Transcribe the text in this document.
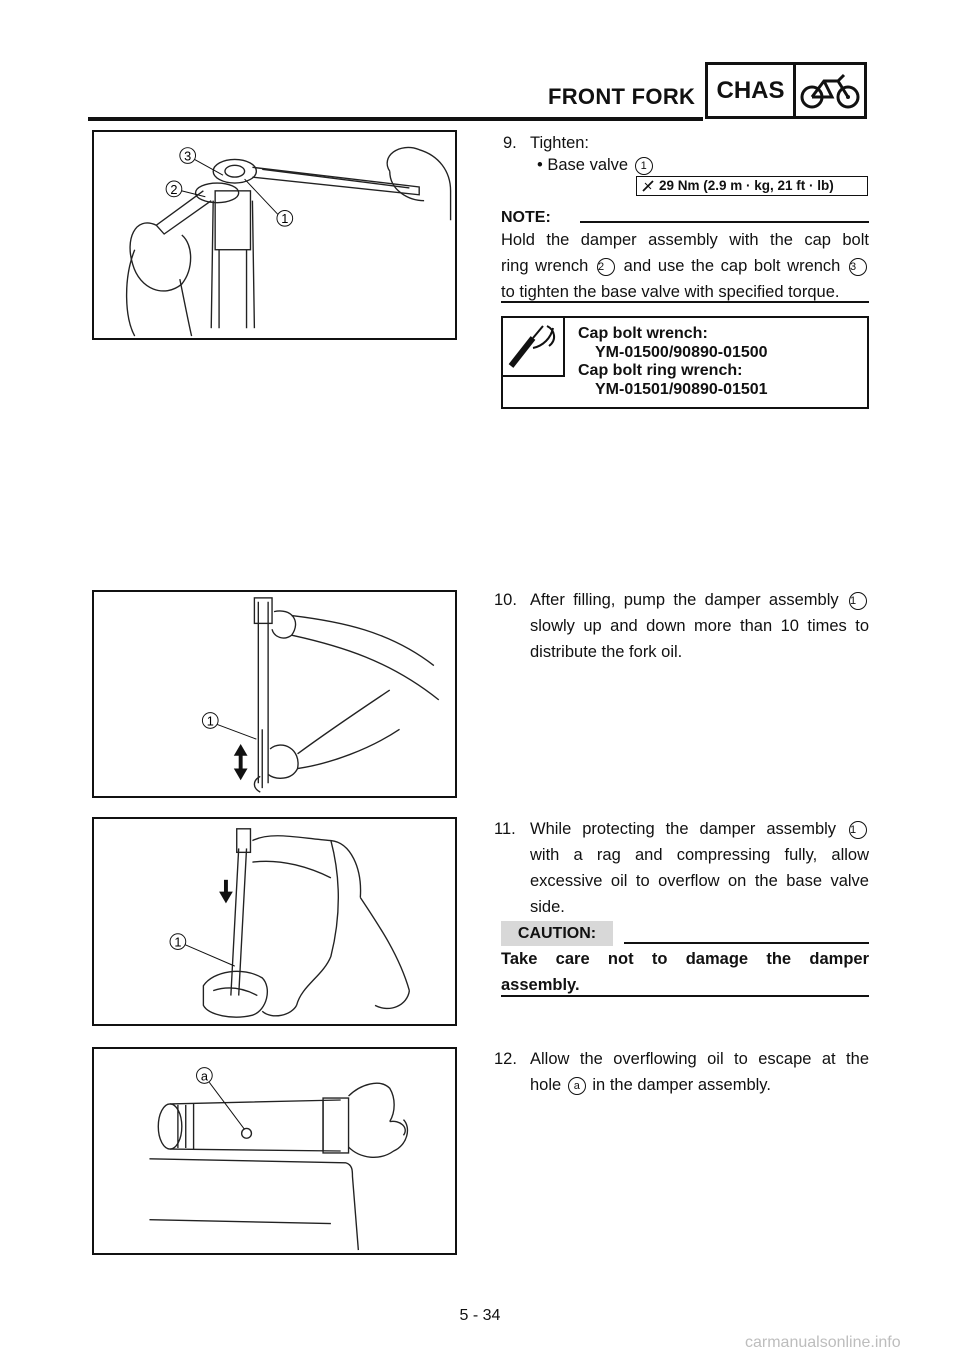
FRONT FORK CHAS
3
2
1
9. Tighten:
• Base valve 1
29 Nm (2.9 m · kg, 21 ft · lb)
NOTE:
Hold the damper assembly with the cap bolt
ring wrench 2 and use the cap bolt wrench 3
to tighten the base valve with specified torque.
Cap bolt wrench:
YM-01500/90890-01500
Cap bolt ring wrench:
YM-01501/90890-01501
1
10. After filling, pump the damper assembly 1
slowly up and down more than 10 times to
distribute the fork oil.
1
11. While protecting the damper assembly 1
with a rag and compressing fully, allow
excessive oil to overflow on the base valve
side.
CAUTION:
Take care not to damage the damper
assembly.
a
12. Allow the overflowing oil to escape at the
hole a in the damper assembly.
5 - 34
carmanualsonline.info
